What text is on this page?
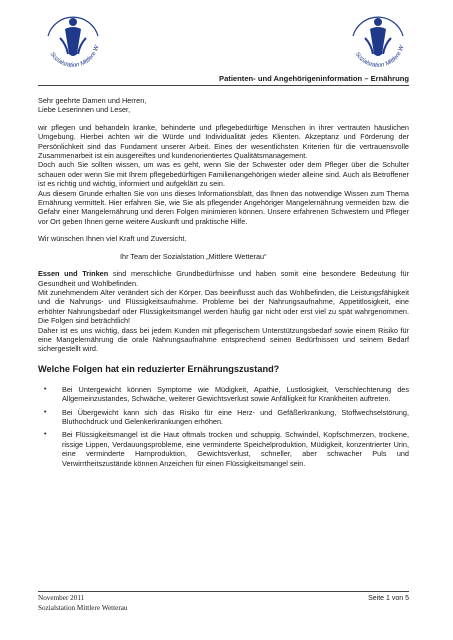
Sozialstation Mittlere W
Sozialstation Mittlere W
Patienten- und Angehörigeninformation – Ernährung

Sehr geehrte Damen und Herren,

Liebe Leserinnen und Leser,

wir pflegen und behandeln kranke, behinderte und pflegebedürftige Menschen in ihrer vertrauten häuslichen Umgebung. Hierbei achten wir die Würde und Individualität jedes Klienten. Akzeptanz und Förderung der Persönlichkeit sind das Fundament unserer Arbeit. Eines der wesentlichsten Kriterien für die vertrauensvolle Zusammenarbeit ist ein ausgereiftes und kundenorientiertes Qualitätsmanagement.

Doch auch Sie sollten wissen, um was es geht, wenn Sie der Schwester oder dem Pfleger über die Schulter schauen oder wenn Sie mit Ihrem pflegebedürftigen Familienangehörigen wieder alleine sind. Auch als Betroffener ist es richtig und wichtig, informiert und aufgeklärt zu sein.

Aus diesem Grunde erhalten Sie von uns dieses Informationsblatt, das Ihnen das notwendige Wissen zum Thema Ernährung vermittelt. Hier erfahren Sie, wie Sie als pflegender Angehöriger Mangelernährung vermeiden bzw. die Gefahr einer Mangelernährung und deren Folgen minimieren können. Unsere erfahrenen Schwestern und Pfleger vor Ort geben Ihnen gerne weitere Auskunft und praktische Hilfe.

Wir wünschen Ihnen viel Kraft und Zuversicht.

Ihr Team der Sozialstation „Mittlere Wetterau“

Essen und Trinken sind menschliche Grundbedürfnisse und haben somit eine besondere Bedeutung für Gesundheit und Wohlbefinden.

Mit zunehmendem Alter verändert sich der Körper. Das beeinflusst auch das Wohlbefinden, die Leistungsfähigkeit und die Nahrungs- und Flüssigkeitsaufnahme. Probleme bei der Nahrungsaufnahme, Appetitlosigkeit, eine erhöhter Nahrungsbedarf oder Flüssigkeitsmangel werden häufig gar nicht oder erst viel zu spät wahrgenommen. Die Folgen sind beträchtlich!

Daher ist es uns wichtig, dass bei jedem Kunden mit pflegerischem Unterstützungsbedarf sowie einem Risiko für eine Mangelernährung die orale Nahrungsaufnahme entsprechend seinen Bedürfnissen und seinem Bedarf sichergestellt wird.

Welche Folgen hat ein reduzierter Ernährungszustand?
• Bei Untergewicht können Symptome wie Müdigkeit, Apathie, Lustlosigkeit, Verschlechterung des Allgemeinzustandes, Schwäche, weiterer Gewichtsverlust sowie Anfälligkeit für Krankheiten auftreten.
• Bei Übergewicht kann sich das Risiko für eine Herz- und Gefäßerkrankung, Stoffwechselstörung, Bluthochdruck und Gelenkerkrankungen erhöhen.
• Bei Flüssigkeitsmangel ist die Haut oftmals trocken und schuppig. Schwindel, Kopfschmerzen, trockene, rissige Lippen, Verdauungsprobleme, eine verminderte Speichelproduktion, Müdigkeit, konzentrierter Urin, eine verminderte Harnproduktion, Gewichtsverlust, schneller, aber schwacher Puls und Verwirrtheitszustände können Anzeichen für einen Flüssigkeitsmangel sein.
November 2011
Sozialstation Mittlere Wetterau
Seite 1 von 5
